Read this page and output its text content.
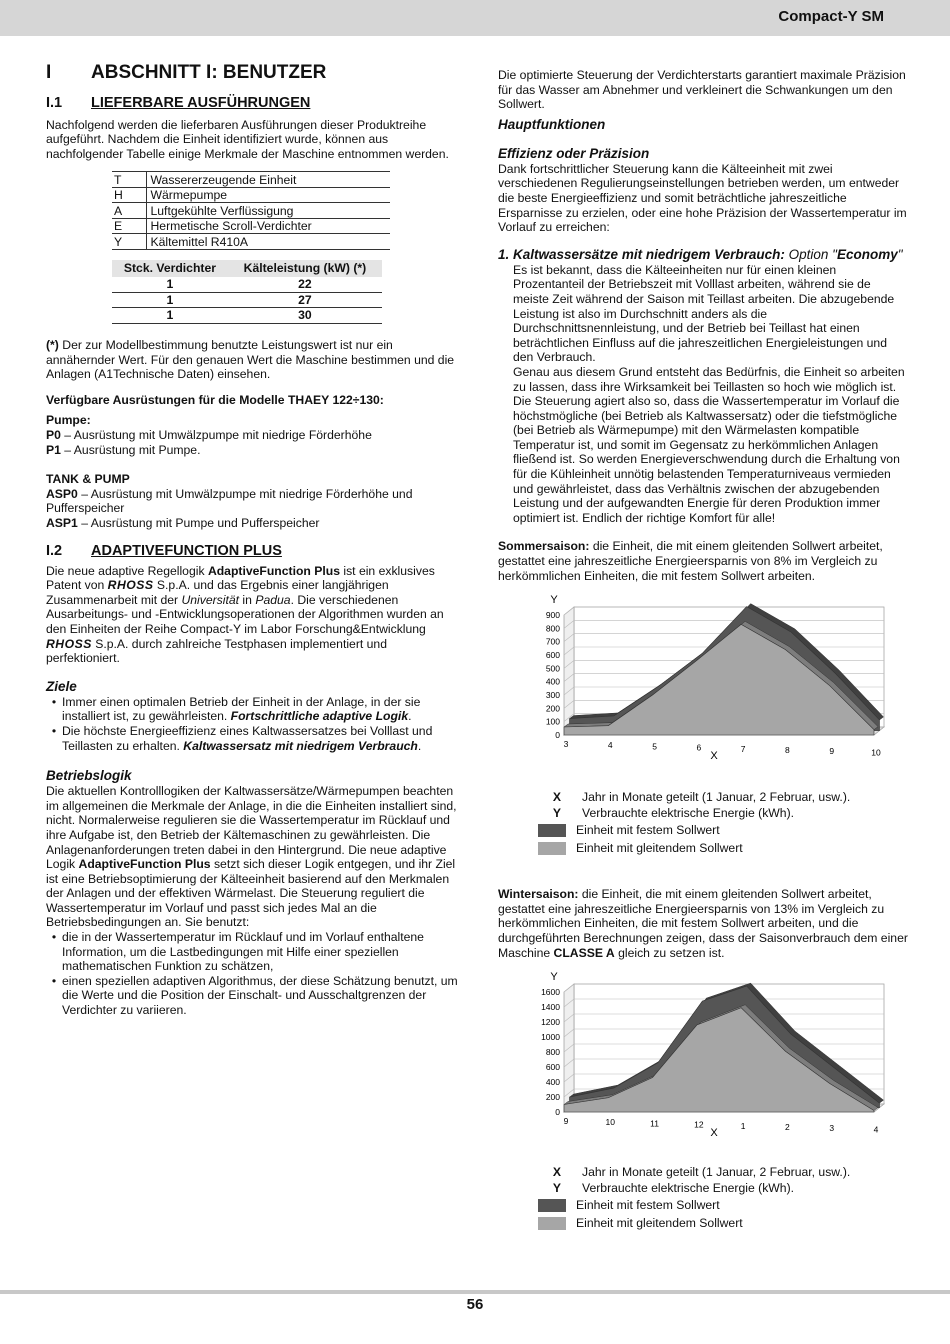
Compact-Y SM
I	ABSCHNITT I: BENUTZER
I.1	LIEFERBARE AUSFÜHRUNGEN

Nachfolgend werden die lieferbaren Ausführungen dieser Produktreihe aufgeführt. Nachdem die Einheit identifiziert wurde, können aus nachfolgender Tabelle einige Merkmale der Maschine entnommen werden.

T	Wassererzeugende Einheit
H	Wärmepumpe
A	Luftgekühlte Verflüssigung
E	Hermetische Scroll-Verdichter
Y	Kältemittel R410A
Stck. Verdichter	Kälteleistung (kW) (*)
1	22
1	27
1	30

(*) Der zur Modellbestimmung benutzte Leistungswert ist nur ein annähernder Wert. Für den genauen Wert die Maschine bestimmen und die Anlagen (A1Technische Daten) einsehen.

Verfügbare Ausrüstungen für die Modelle THAEY 122÷130:

Pumpe:

P0 – Ausrüstung mit Umwälzpumpe mit niedrige Förderhöhe

P1 – Ausrüstung mit Pumpe.

TANK & PUMP

ASP0 – Ausrüstung mit Umwälzpumpe mit niedrige Förderhöhe und Pufferspeicher

ASP1 – Ausrüstung mit Pumpe und Pufferspeicher

I.2	ADAPTIVEFUNCTION PLUS

Die neue adaptive Regellogik AdaptiveFunction Plus ist ein exklusives Patent von RHOSS S.p.A. und das Ergebnis einer langjährigen Zusammenarbeit mit der Universität in Padua. Die verschiedenen Ausarbeitungs- und -Entwicklungsoperationen der Algorithmen wurden an den Einheiten der Reihe Compact-Y im Labor Forschung&Entwicklung RHOSS S.p.A. durch zahlreiche Testphasen implementiert und perfektioniert.

Ziele
• Immer einen optimalen Betrieb der Einheit in der Anlage, in der sie installiert ist, zu gewährleisten. Fortschrittliche adaptive Logik.

• Die höchste Energieeffizienz eines Kaltwassersatzes bei Volllast und Teillasten zu erhalten. Kaltwassersatz mit niedrigem Verbrauch.

Betriebslogik

Die aktuellen Kontrolllogiken der Kaltwassersätze/Wärmepumpen beachten im allgemeinen die Merkmale der Anlage, in die die Einheiten installiert sind, nicht. Normalerweise regulieren sie die Wassertemperatur im Rücklauf und ihre Aufgabe ist, den Betrieb der Kältemaschinen zu gewährleisten. Die Anlagenanforderungen treten dabei in den Hintergrund. Die neue adaptive Logik AdaptiveFunction Plus setzt sich dieser Logik entgegen, und ihr Ziel ist eine Betriebsoptimierung der Kälteeinheit basierend auf den Merkmalen der Anlagen und der effektiven Wärmelast. Die Steuerung reguliert die Wassertemperatur im Vorlauf und passt sich jedes Mal an die Betriebsbedingungen an. Sie benutzt:

• die in der Wassertemperatur im Rücklauf und im Vorlauf enthaltene Information, um die Lastbedingungen mit Hilfe einer speziellen mathematischen Funktion zu schätzen,

• einen speziellen adaptiven Algorithmus, der diese Schätzung benutzt, um die Werte und die Position der Einschalt- und Ausschaltgrenzen der Verdichter zu variieren.

Die optimierte Steuerung der Verdichterstarts garantiert maximale Präzision für das Wasser am Abnehmer und verkleinert die Schwankungen um den Sollwert.

Hauptfunktionen
Effizienz oder Präzision

Dank fortschrittlicher Steuerung kann die Kälteeinheit mit zwei verschiedenen Regulierungseinstellungen betrieben werden, um entweder die beste Energieeffizienz und somit beträchtliche jahreszeitliche Ersparnisse zu erzielen, oder eine hohe Präzision der Wassertemperatur im Vorlauf zu erreichen:

1. Kaltwassersätze mit niedrigem Verbrauch: Option "Economy"

Es ist bekannt, dass die Kälteeinheiten nur für einen kleinen Prozentanteil der Betriebszeit mit Volllast arbeiten, während sie de meiste Zeit während der Saison mit Teillast arbeiten. Die abzugebende Leistung ist also im Durchschnitt anders als die Durchschnittsnennleistung, und der Betrieb bei Teillast hat einen beträchtlichen Einfluss auf die jahreszeitlichen Energieleistungen und den Verbrauch.

Genau aus diesem Grund entsteht das Bedürfnis, die Einheit so arbeiten zu lassen, dass ihre Wirksamkeit bei Teillasten so hoch wie möglich ist. Die Steuerung agiert also so, dass die Wassertemperatur im Vorlauf die höchstmögliche (bei Betrieb als Kaltwassersatz) oder die tiefstmögliche (bei Betrieb als Wärmepumpe) mit den Wärmelasten kompatible Temperatur ist, und somit im Gegensatz zu herkömmlichen Anlagen fließend ist. So werden Energieverschwendung durch die Erhaltung von für die Kühleinheit unnötig belastenden Temperaturniveaus vermieden und gewährleistet, dass das Verhältnis zwischen der abzugebenden Leistung und der aufgewandten Energie für deren Produktion immer optimiert ist. Endlich der richtige Komfort für alle!

Sommersaison: die Einheit, die mit einem gleitenden Sollwert arbeitet, gestattet eine jahreszeitliche Energieersparnis von 8% im Vergleich zu herkömmlichen Einheiten, die mit festem Sollwert arbeiten.

0
100
200
300
400
500
600
700
800
900
Y
3	4	5	6	7	8	9	10
X
X	Jahr in Monate geteilt (1 Januar, 2 Februar, usw.).
Y	Verbrauchte elektrische Energie (kWh).
Einheit mit festem Sollwert
Einheit mit gleitendem Sollwert

Wintersaison: die Einheit, die mit einem gleitenden Sollwert arbeitet, gestattet eine jahreszeitliche Energieersparnis von 13% im Vergleich zu herkömmlichen Einheiten, die mit festem Sollwert arbeiten, und die durchgeführten Berechnungen zeigen, dass der Saisonverbrauch dem einer Maschine CLASSE A gleich zu setzen ist.

0
200
400
600
800
1000
1200
1400
1600
Y
9	10	11	12	1	2	3	4
X
X	Jahr in Monate geteilt (1 Januar, 2 Februar, usw.).
Y	Verbrauchte elektrische Energie (kWh).
Einheit mit festem Sollwert
Einheit mit gleitendem Sollwert
56
